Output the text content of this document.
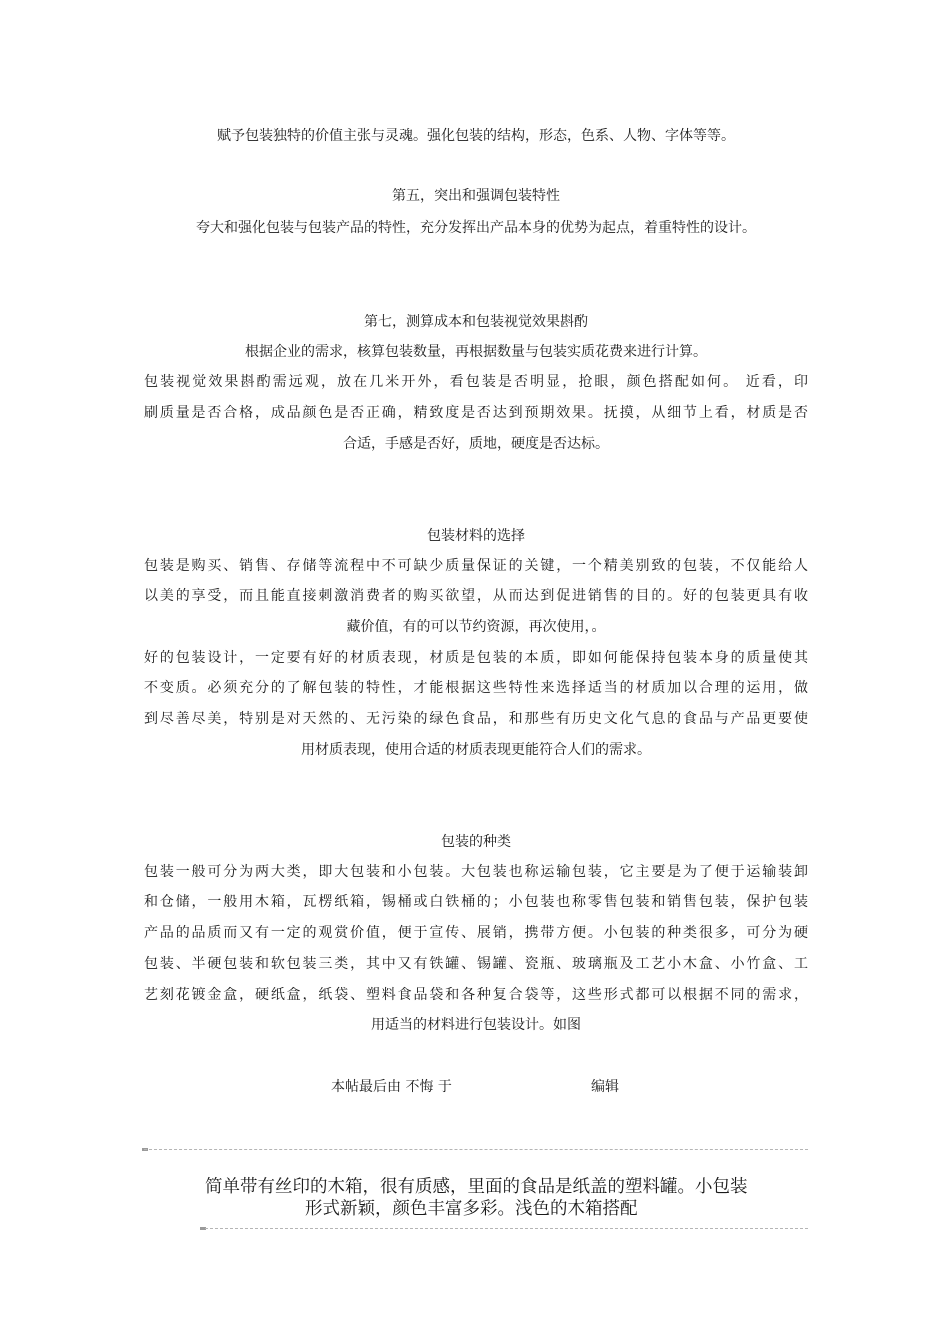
赋予包装独特的价值主张与灵魂。强化包装的结构，形态，色系、人物、字体等等。
第五，突出和强调包装特性
夸大和强化包装与包装产品的特性，充分发挥出产品本身的优势为起点，着重特性的设计。
第七，测算成本和包装视觉效果斟酌
根据企业的需求，核算包装数量，再根据数量与包装实质花费来进行计算。
包装视觉效果斟酌需远观，放在几米开外，看包装是否明显，抢眼，颜色搭配如何。 近看，印
刷质量是否合格，成品颜色是否正确，精致度是否达到预期效果。抚摸，从细节上看，材质是否
合适，手感是否好，质地，硬度是否达标。
包装材料的选择
包装是购买、销售、存储等流程中不可缺少质量保证的关键，一个精美别致的包装，不仅能给人
以美的享受，而且能直接刺激消费者的购买欲望，从而达到促进销售的目的。好的包装更具有收
藏价值，有的可以节约资源，再次使用，。
好的包装设计，一定要有好的材质表现，材质是包装的本质，即如何能保持包装本身的质量使其
不变质。必须充分的了解包装的特性，才能根据这些特性来选择适当的材质加以合理的运用，做
到尽善尽美，特别是对天然的、无污染的绿色食品，和那些有历史文化气息的食品与产品更要使
用材质表现，使用合适的材质表现更能符合人们的需求。
包装的种类
包装一般可分为两大类，即大包装和小包装。大包装也称运输包装，它主要是为了便于运输装卸
和仓储，一般用木箱，瓦楞纸箱，锡桶或白铁桶的；小包装也称零售包装和销售包装，保护包装
产品的品质而又有一定的观赏价值，便于宣传、展销，携带方便。小包装的种类很多，可分为硬
包装、半硬包装和软包装三类，其中又有铁罐、锡罐、瓷瓶、玻璃瓶及工艺小木盒、小竹盒、工
艺刻花镀金盒，硬纸盒，纸袋、塑料食品袋和各种复合袋等，这些形式都可以根据不同的需求，
用适当的材料进行包装设计。如图
本帖最后由 不悔 于	编辑
简单带有丝印的木箱，很有质感，里面的食品是纸盖的塑料罐。小包装
形式新颖，颜色丰富多彩。浅色的木箱搭配
